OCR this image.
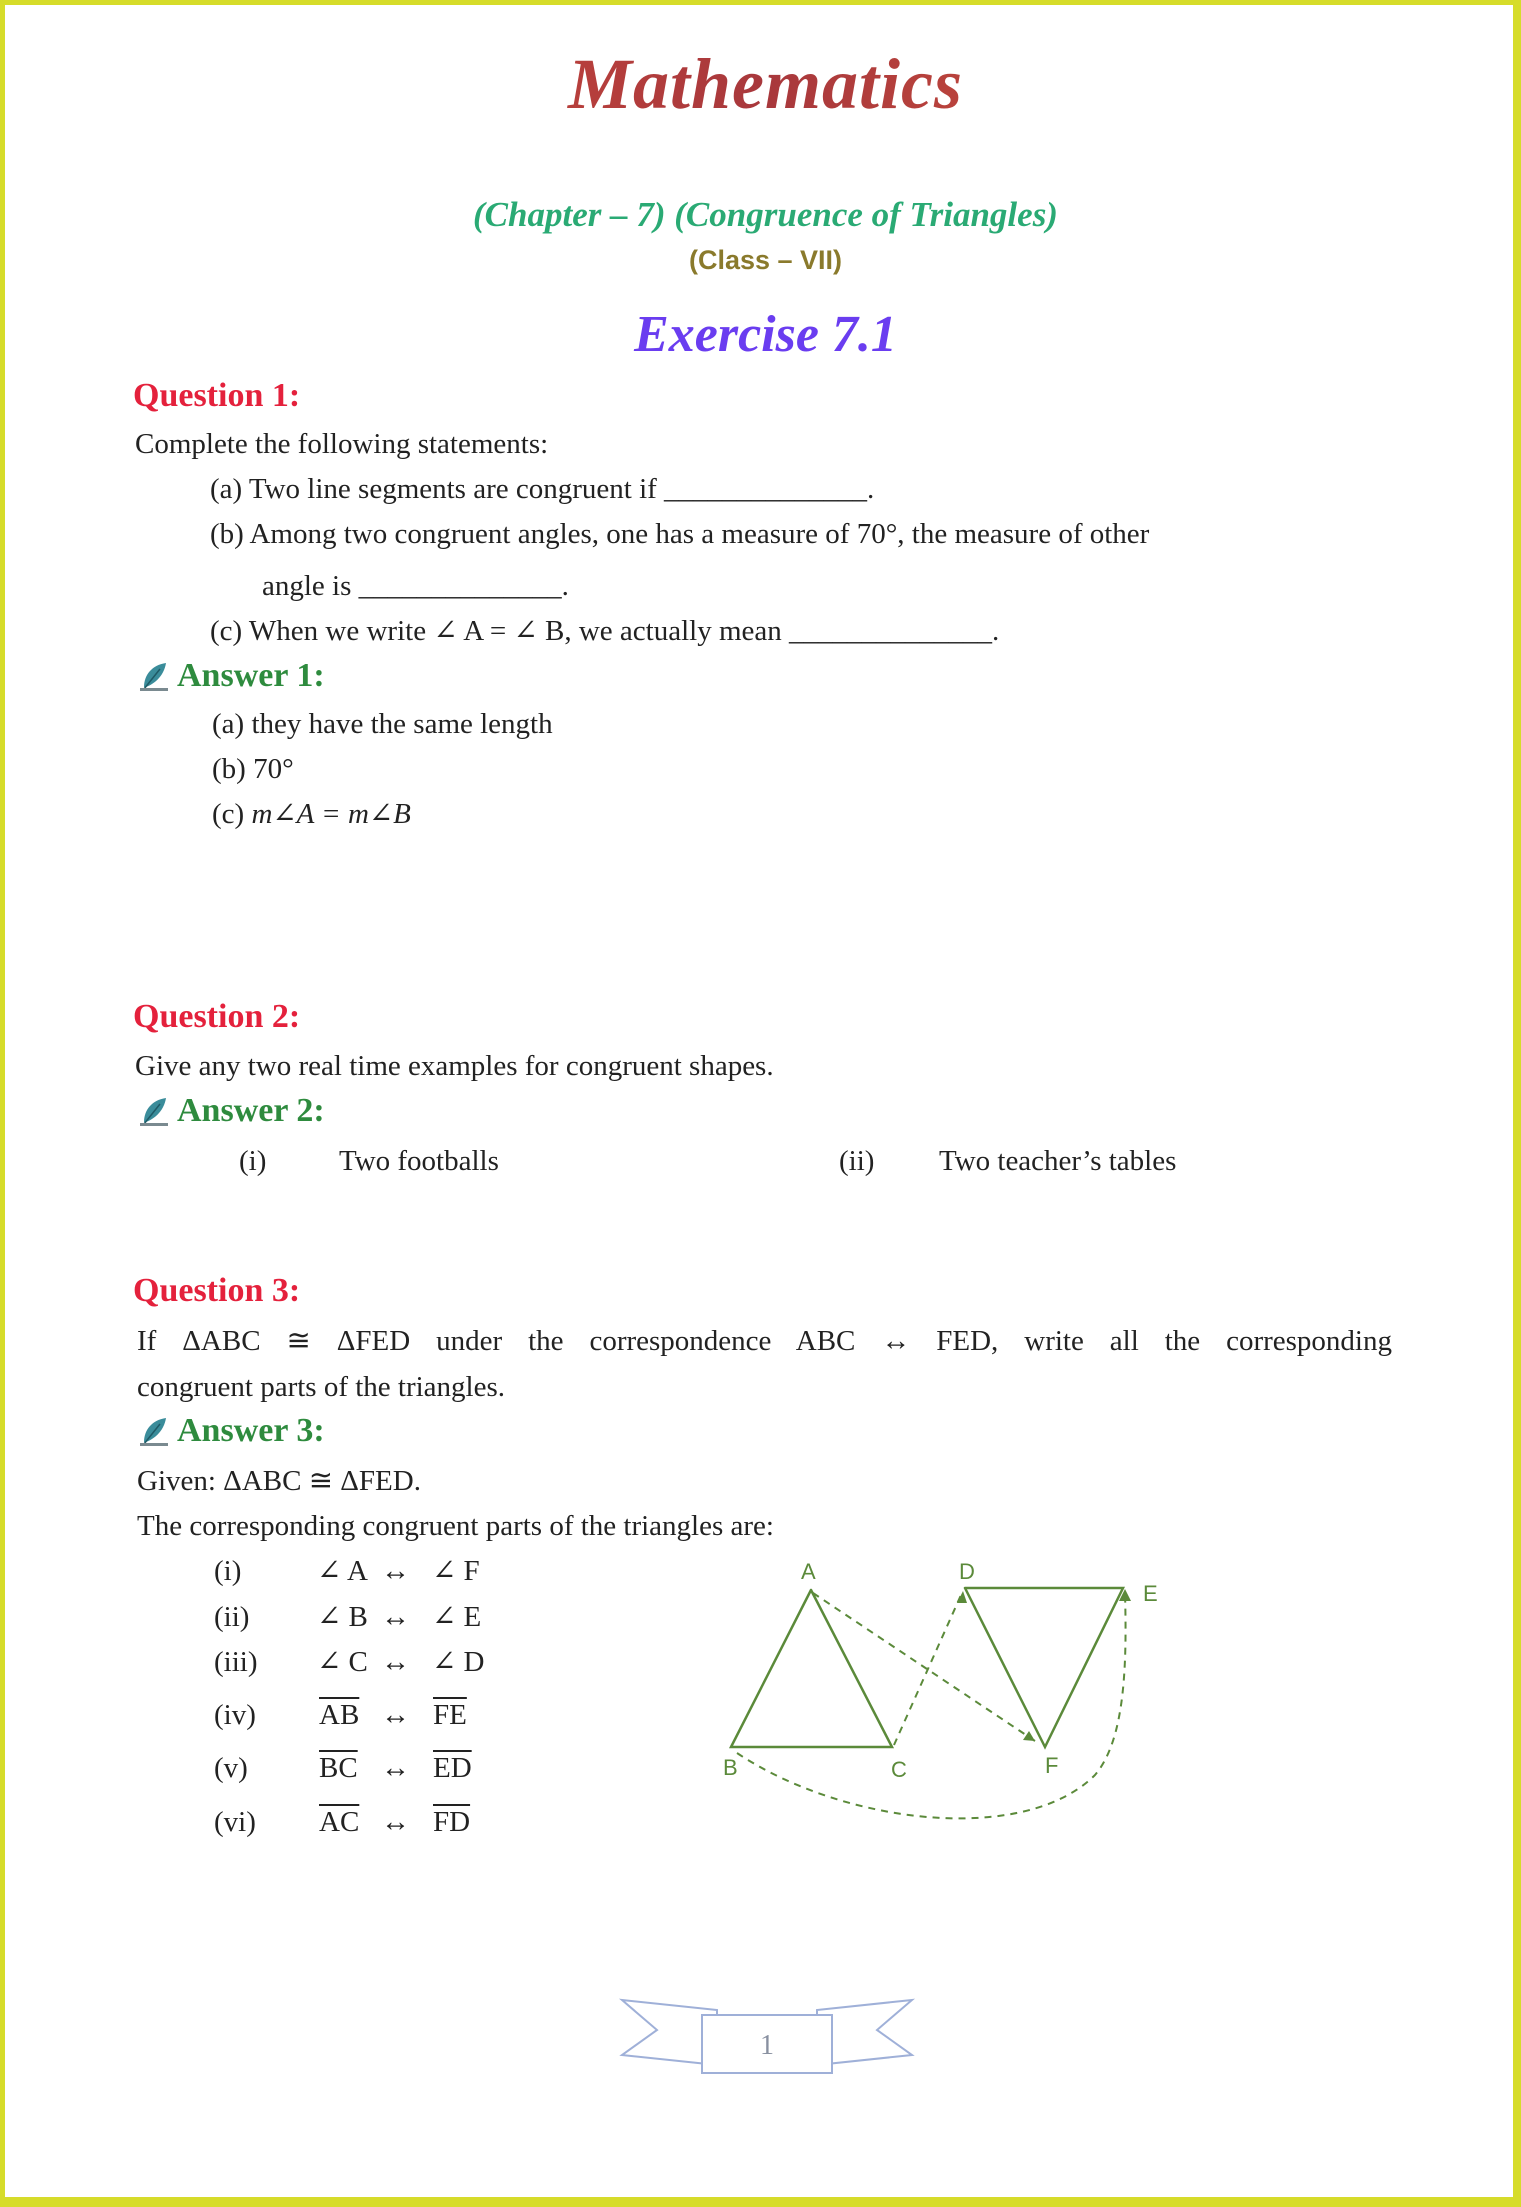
Mathematics
(Chapter – 7) (Congruence of Triangles)
(Class – VII)
Exercise 7.1
Question 1:
Complete the following statements:
(a) Two line segments are congruent if ______________.
(b) Among two congruent angles, one has a measure of 70°, the measure of other
angle is ______________.
(c) When we write ∠ A = ∠ B, we actually mean ______________.
Answer 1:
(a) they have the same length
(b) 70°
(c) m∠A = m∠B
Question 2:
Give any two real time examples for congruent shapes.
Answer 2:
(i)	Two footballs	(ii) Two teacher’s tables
Question 3:
If ΔABC ≅ ΔFED under the correspondence ABC ↔ FED, write all the corresponding
congruent parts of the triangles.
Answer 3:
Given: ΔABC ≅ ΔFED.
The corresponding congruent parts of the triangles are:
(i)	∠ A ↔ ∠ F
(ii) ∠ B ↔ ∠ E
(iii) ∠ C ↔ ∠ D
(iv) $\overline{AB}$ ↔ $\overline{FE}$
(v) $\overline{BC}$ ↔ $\overline{ED}$
(vi) $\overline{AC}$ ↔ $\overline{FD}$
A
B	C
D
E
F
1
